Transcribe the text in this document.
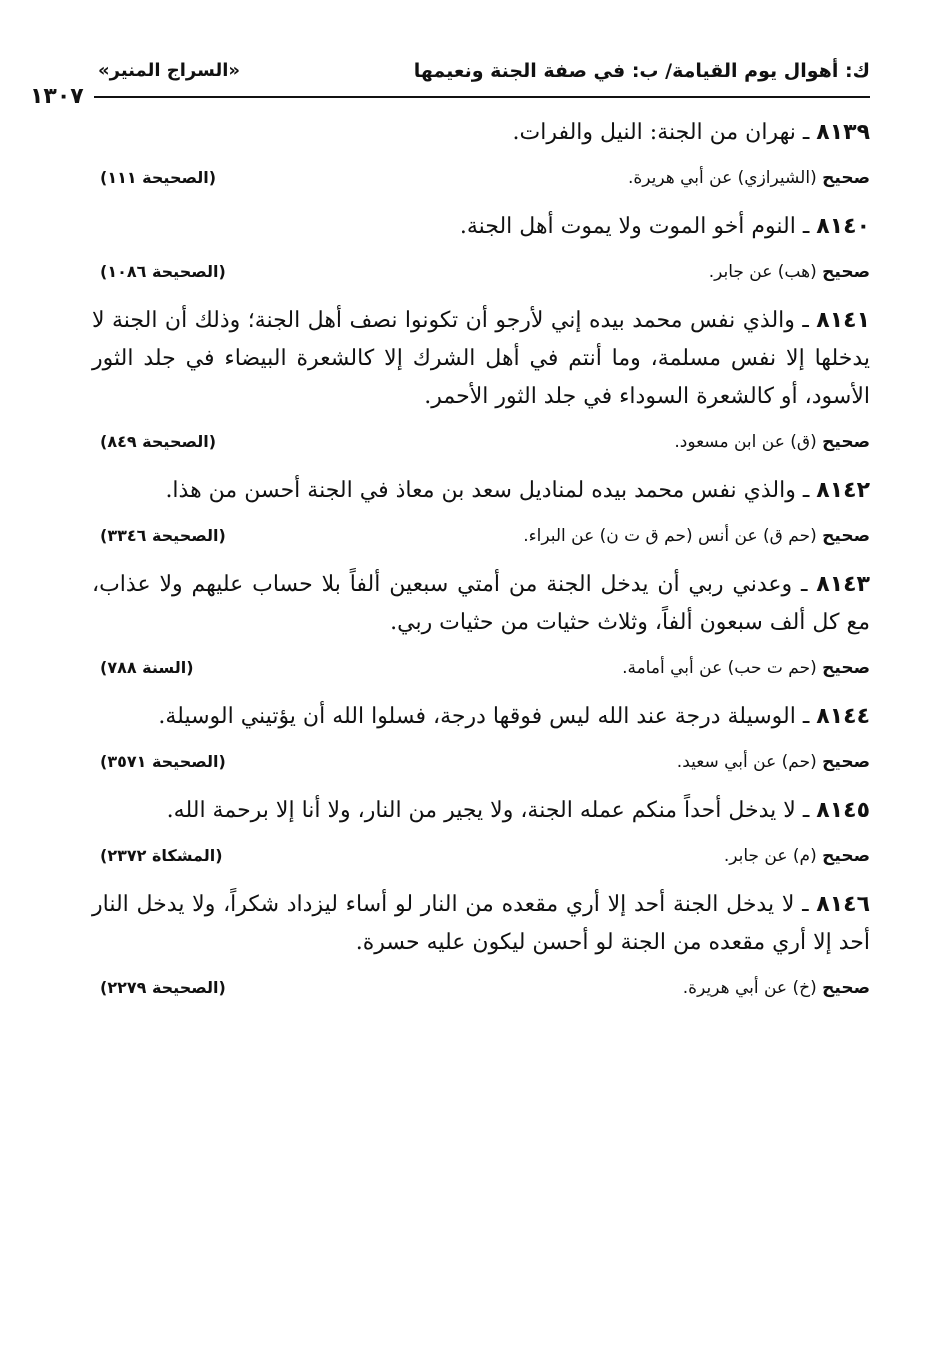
ك: أهوال يوم القيامة/ ب: في صفة الجنة ونعيمها
«السراج المنير»
١٣٠٧
٨١٣٩ ـ نهران من الجنة: النيل والفرات.
صحيح (الشيرازي) عن أبي هريرة.
(الصحيحة ١١١)
٨١٤٠ ـ النوم أخو الموت ولا يموت أهل الجنة.
صحيح (هب) عن جابر.
(الصحيحة ١٠٨٦)
٨١٤١ ـ والذي نفس محمد بيده إني لأرجو أن تكونوا نصف أهل الجنة؛ وذلك أن الجنة لا يدخلها إلا نفس مسلمة، وما أنتم في أهل الشرك إلا كالشعرة البيضاء في جلد الثور الأسود، أو كالشعرة السوداء في جلد الثور الأحمر.
صحيح (ق) عن ابن مسعود.
(الصحيحة ٨٤٩)
٨١٤٢ ـ والذي نفس محمد بيده لمناديل سعد بن معاذ في الجنة أحسن من هذا.
صحيح (حم ق) عن أنس (حم ق ت ن) عن البراء.
(الصحيحة ٣٣٤٦)
٨١٤٣ ـ وعدني ربي أن يدخل الجنة من أمتي سبعين ألفاً بلا حساب عليهم ولا عذاب، مع كل ألف سبعون ألفاً، وثلاث حثيات من حثيات ربي.
صحيح (حم ت حب) عن أبي أمامة.
(السنة ٧٨٨)
٨١٤٤ ـ الوسيلة درجة عند الله ليس فوقها درجة، فسلوا الله أن يؤتيني الوسيلة.
صحيح (حم) عن أبي سعيد.
(الصحيحة ٣٥٧١)
٨١٤٥ ـ لا يدخل أحداً منكم عمله الجنة، ولا يجير من النار، ولا أنا إلا برحمة الله.
صحيح (م) عن جابر.
(المشكاة ٢٣٧٢)
٨١٤٦ ـ لا يدخل الجنة أحد إلا أري مقعده من النار لو أساء ليزداد شكراً، ولا يدخل النار أحد إلا أري مقعده من الجنة لو أحسن ليكون عليه حسرة.
صحيح (خ) عن أبي هريرة.
(الصحيحة ٢٢٧٩)
